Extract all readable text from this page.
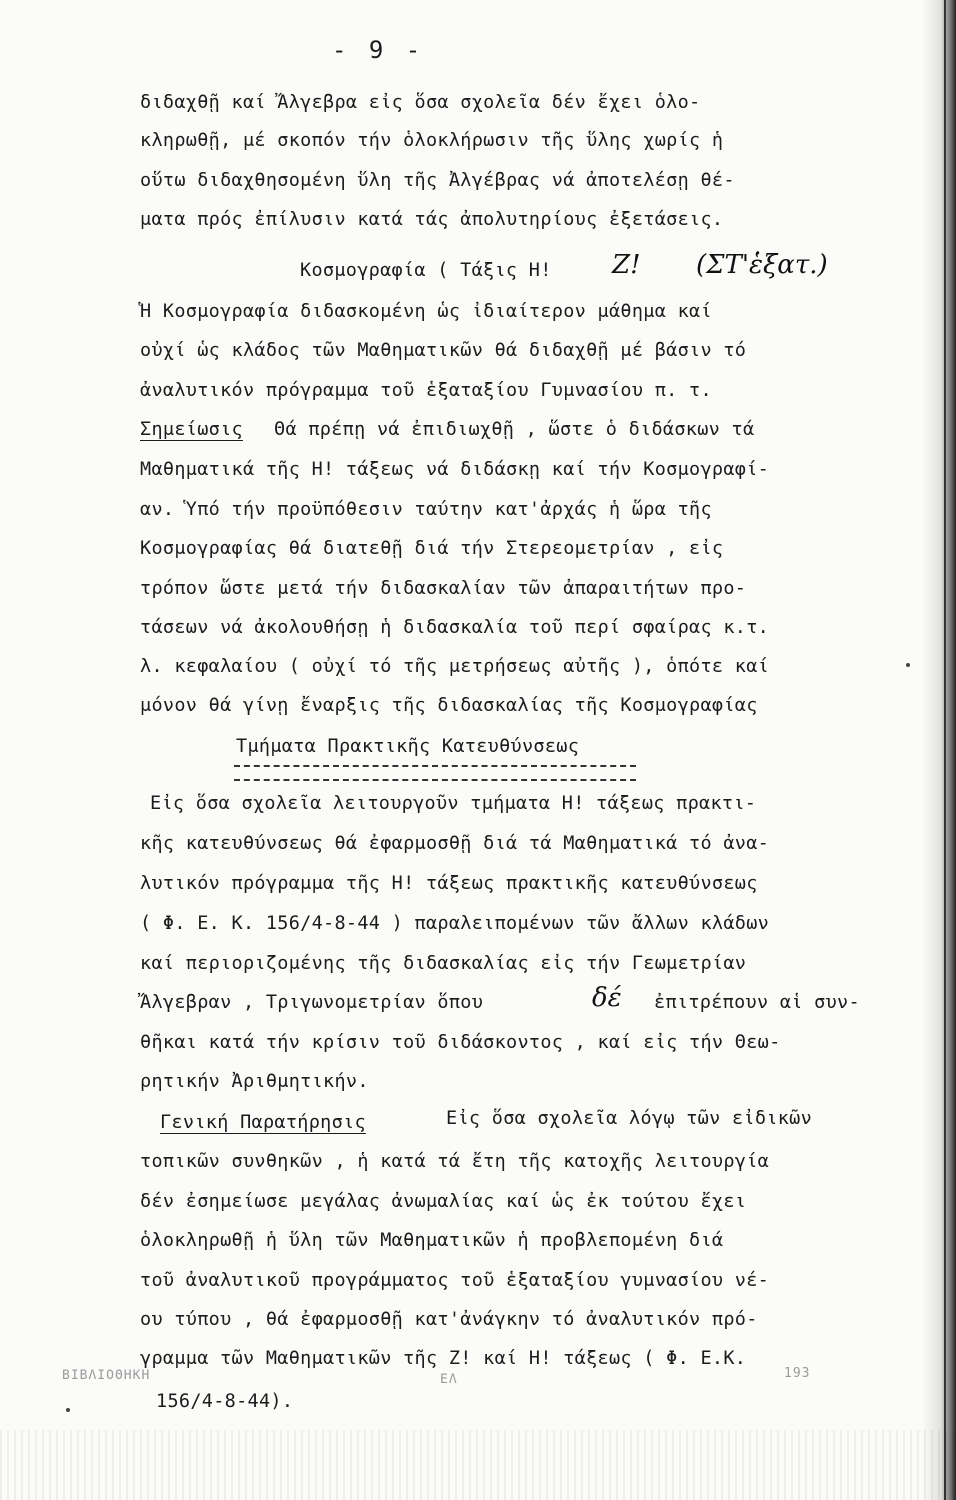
- 9 -
διδαχθῇ καί Ἄλγεβρα εἰς ὅσα σχολεῖα δέν ἔχει ὁλο-
κληρωθῇ, μέ σκοπόν τήν ὁλοκλήρωσιν τῆς ὕλης χωρίς ἡ
οὕτω διδαχθησομένη ὕλη τῆς Ἀλγέβρας νά ἀποτελέσῃ θέ-
ματα πρός ἐπίλυσιν κατά τάς ἀπολυτηρίους ἐξετάσεις.
Κοσμογραφία ( Τάξις Η! Ζ! (ΣΤ'ἑξατ.)
Ἡ Κοσμογραφία διδασκομένη ὡς ἰδιαίτερον μάθημα καί
οὐχί ὡς κλάδος τῶν Μαθηματικῶν θά διδαχθῇ μέ βάσιν τό
ἀναλυτικόν πρόγραμμα τοῦ ἑξαταξίου Γυμνασίου π. τ.
Σημείωσις Θά πρέπῃ νά ἐπιδιωχθῇ , ὥστε ὁ διδάσκων τά
Μαθηματικά τῆς Η! τάξεως νά διδάσκῃ καί τήν Κοσμογραφί-
αν. Ὑπό τήν προϋπόθεσιν ταύτην κατ'ἀρχάς ἡ ὥρα τῆς
Κοσμογραφίας θά διατεθῇ διά τήν Στερεομετρίαν , εἰς
τρόπον ὥστε μετά τήν διδασκαλίαν τῶν ἀπαραιτήτων προ-
τάσεων νά ἀκολουθήσῃ ἡ διδασκαλία τοῦ περί σφαίρας κ.τ.
λ. κεφαλαίου ( οὐχί τό τῆς μετρήσεως αὐτῆς ), ὁπότε καί
μόνον θά γίνῃ ἔναρξις τῆς διδασκαλίας τῆς Κοσμογραφίας
Τμήματα Πρακτικῆς Κατευθύνσεως
Εἰς ὅσα σχολεῖα λειτουργοῦν τμήματα Η! τάξεως πρακτι-
κῆς κατευθύνσεως θά ἐφαρμοσθῇ διά τά Μαθηματικά τό ἀνα-
λυτικόν πρόγραμμα τῆς Η! τάξεως πρακτικῆς κατευθύνσεως
( Φ. Ε. Κ. 156/4-8-44 ) παραλειπομένων τῶν ἄλλων κλάδων
καί περιοριζομένης τῆς διδασκαλίας εἰς τήν Γεωμετρίαν
Ἄλγεβραν , Τριγωνομετρίαν ὅπου	δέ ἐπιτρέπουν αἱ συν-
θῆκαι κατά τήν κρίσιν τοῦ διδάσκοντος , καί εἰς τήν Θεω-
ρητικήν Ἀριθμητικήν.
Γενική Παρατήρησις	Εἰς ὅσα σχολεῖα λόγῳ τῶν εἰδικῶν
τοπικῶν συνθηκῶν , ἡ κατά τά ἔτη τῆς κατοχῆς λειτουργία
δέν ἐσημείωσε μεγάλας ἀνωμαλίας καί ὡς ἐκ τούτου ἔχει
ὁλοκληρωθῇ ἡ ὕλη τῶν Μαθηματικῶν ἡ προβλεπομένη διά
τοῦ ἀναλυτικοῦ προγράμματος τοῦ ἑξαταξίου γυμνασίου νέ-
ου τύπου , θά ἐφαρμοσθῇ κατ'ἀνάγκην τό ἀναλυτικόν πρό-
γραμμα τῶν Μαθηματικῶν τῆς Ζ! καί Η! τάξεως ( Φ. Ε.Κ.
156/4-8-44).
ΒΙΒΛΙΟΘΗΚΗ	ΕΛ	193
